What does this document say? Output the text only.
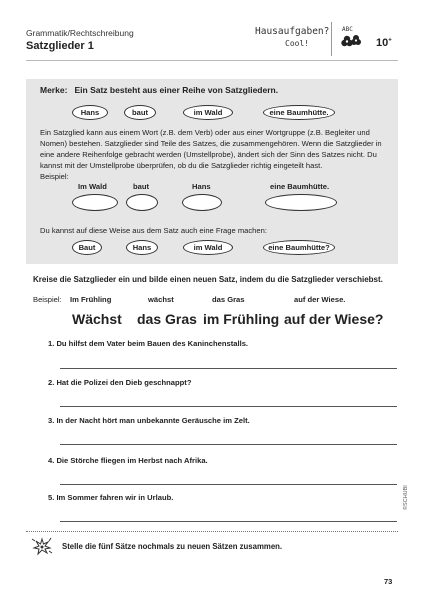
Grammatik/Rechtschreibung
Satzglieder 1
Hausaufgaben?
Cool!
ABC
10+
Merke: Ein Satz besteht aus einer Reihe von Satzgliedern.
Hans	baut	im Wald	eine Baumhütte.
Ein Satzglied kann aus einem Wort (z.B. dem Verb) oder aus einer Wortgruppe (z.B. Begleiter und Nomen) bestehen. Satzglieder sind Teile des Satzes, die zusammengehören. Wenn die Satzglieder in eine andere Reihenfolge gebracht werden (Umstellprobe), ändert sich der Sinn des Satzes nicht. Du kannst mit der Umstellprobe überprüfen, ob du die Satzglieder richtig eingeteilt hast.
Beispiel:
Im Wald	baut	Hans	eine Baumhütte.
Du kannst auf diese Weise aus dem Satz auch eine Frage machen:
Baut	Hans	im Wald	eine Baumhütte?
Kreise die Satzglieder ein und bilde einen neuen Satz, indem du die Satzglieder verschiebst.
Beispiel: Im Frühling	wächst	das Gras	auf der Wiese.
Wächst das Gras im Frühling auf der Wiese?
1. Du hilfst dem Vater beim Bauen des Kaninchenstalls.
2. Hat die Polizei den Dieb geschnappt?
3. In der Nacht hört man unbekannte Geräusche im Zelt.
4. Die Störche fliegen im Herbst nach Afrika.
5. Im Sommer fahren wir in Urlaub.
Stelle die fünf Sätze nochmals zu neuen Sätzen zusammen.
©SCHUBI
73
